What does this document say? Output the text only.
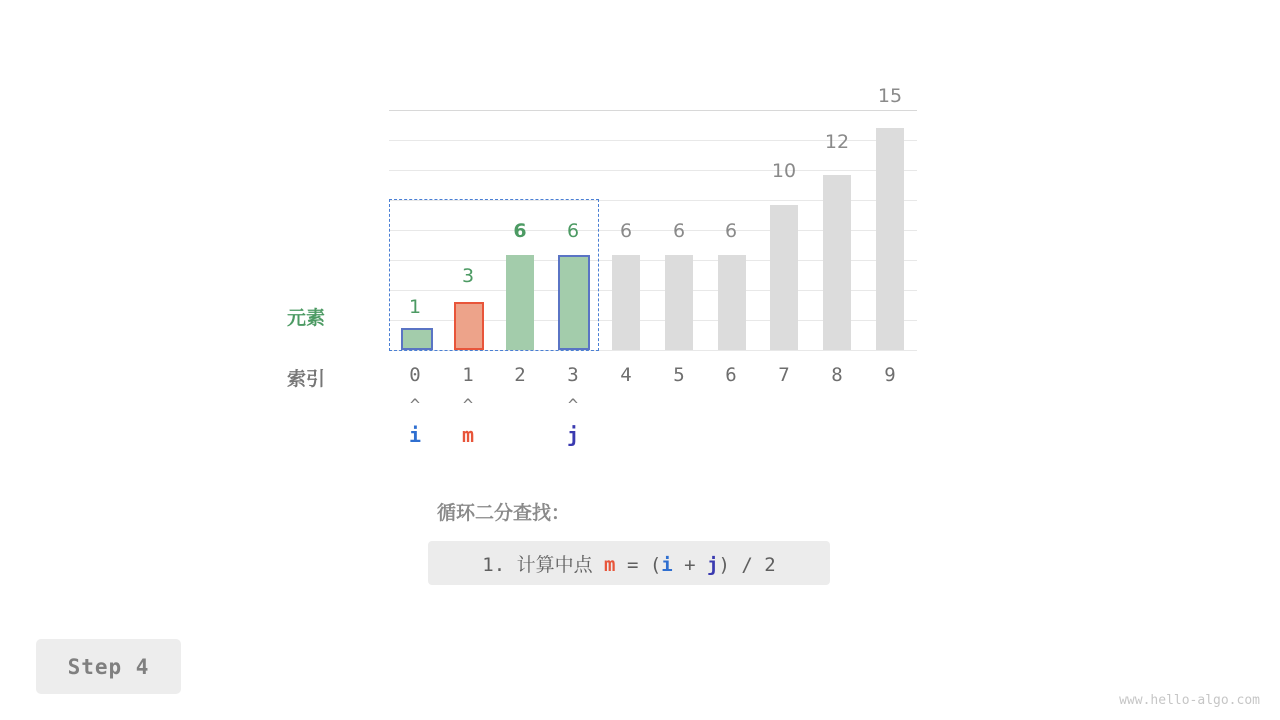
1
3
6	6	6	6	6
10
12
15
元素
索引	0	1	2	3	4	5	6	7	8	9
^	^	^
i	m	j
循环二分查找：
1. 计算中点 m = (i + j) / 2
Step 4
www.hello-algo.com
